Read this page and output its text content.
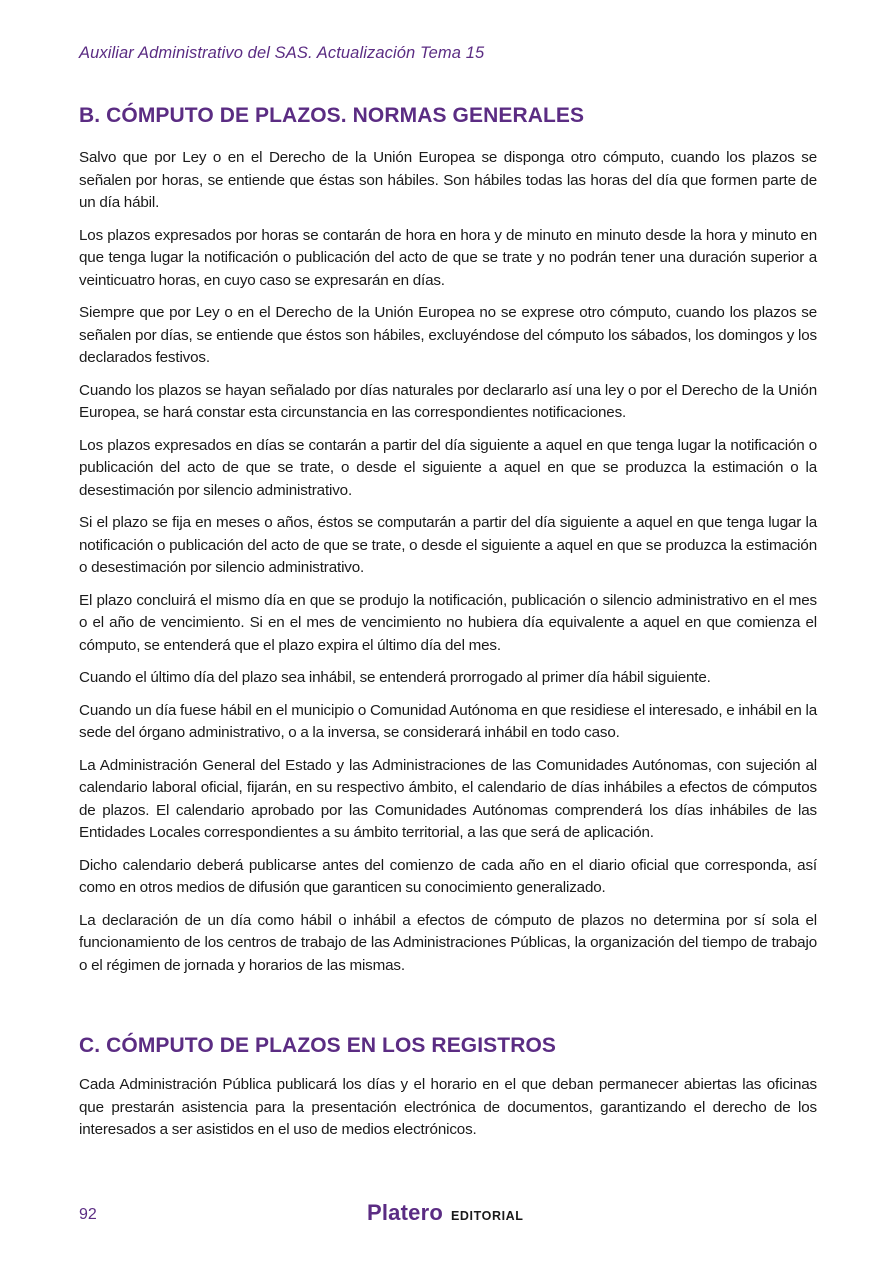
Auxiliar Administrativo del SAS. Actualización Tema 15
B. CÓMPUTO DE PLAZOS. NORMAS GENERALES

Salvo que por Ley o en el Derecho de la Unión Europea se disponga otro cómputo, cuando los plazos se señalen por horas, se entiende que éstas son hábiles. Son hábiles todas las horas del día que formen parte de un día hábil.

Los plazos expresados por horas se contarán de hora en hora y de minuto en minuto desde la hora y minuto en que tenga lugar la notificación o publicación del acto de que se trate y no podrán tener una duración superior a veinticuatro horas, en cuyo caso se expresarán en días.

Siempre que por Ley o en el Derecho de la Unión Europea no se exprese otro cómputo, cuando los plazos se señalen por días, se entiende que éstos son hábiles, excluyéndose del cómputo los sábados, los domingos y los declarados festivos.

Cuando los plazos se hayan señalado por días naturales por declararlo así una ley o por el Derecho de la Unión Europea, se hará constar esta circunstancia en las correspondientes notificaciones.

Los plazos expresados en días se contarán a partir del día siguiente a aquel en que tenga lugar la notificación o publicación del acto de que se trate, o desde el siguiente a aquel en que se produzca la estimación o la desestimación por silencio administrativo.

Si el plazo se fija en meses o años, éstos se computarán a partir del día siguiente a aquel en que tenga lugar la notificación o publicación del acto de que se trate, o desde el siguiente a aquel en que se produzca la estimación o desestimación por silencio administrativo.

El plazo concluirá el mismo día en que se produjo la notificación, publicación o silencio administrativo en el mes o el año de vencimiento. Si en el mes de vencimiento no hubiera día equivalente a aquel en que comienza el cómputo, se entenderá que el plazo expira el último día del mes.

Cuando el último día del plazo sea inhábil, se entenderá prorrogado al primer día hábil siguiente.

Cuando un día fuese hábil en el municipio o Comunidad Autónoma en que residiese el interesado, e inhábil en la sede del órgano administrativo, o a la inversa, se considerará inhábil en todo caso.

La Administración General del Estado y las Administraciones de las Comunidades Autónomas, con sujeción al calendario laboral oficial, fijarán, en su respectivo ámbito, el calendario de días inhábiles a efectos de cómputos de plazos. El calendario aprobado por las Comunidades Autónomas comprenderá los días inhábiles de las Entidades Locales correspondientes a su ámbito territorial, a las que será de aplicación.

Dicho calendario deberá publicarse antes del comienzo de cada año en el diario oficial que corresponda, así como en otros medios de difusión que garanticen su conocimiento generalizado.

La declaración de un día como hábil o inhábil a efectos de cómputo de plazos no determina por sí sola el funcionamiento de los centros de trabajo de las Administraciones Públicas, la organización del tiempo de trabajo o el régimen de jornada y horarios de las mismas.

C. CÓMPUTO DE PLAZOS EN LOS REGISTROS

Cada Administración Pública publicará los días y el horario en el que deban permanecer abiertas las oficinas que prestarán asistencia para la presentación electrónica de documentos, garantizando el derecho de los interesados a ser asistidos en el uso de medios electrónicos.

92	Platero EDITORIAL
